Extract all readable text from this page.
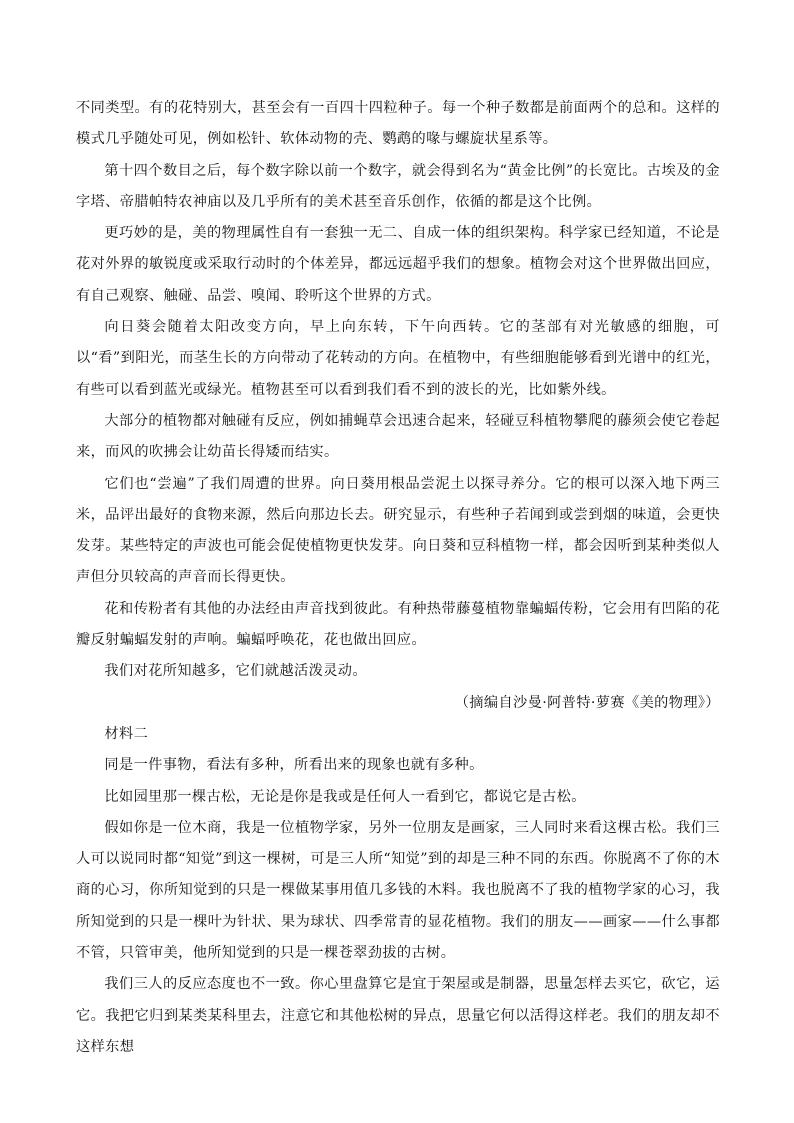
不同类型。有的花特别大，甚至会有一百四十四粒种子。每一个种子数都是前面两个的总和。这样的模式几乎随处可见，例如松针、软体动物的壳、鹦鹉的喙与螺旋状星系等。

第十四个数目之后，每个数字除以前一个数字，就会得到名为“黄金比例”的长宽比。古埃及的金字塔、帝腊帕特农神庙以及几乎所有的美术甚至音乐创作，依循的都是这个比例。

更巧妙的是，美的物理属性自有一套独一无二、自成一体的组织架构。科学家已经知道，不论是花对外界的敏锐度或采取行动时的个体差异，都远远超乎我们的想象。植物会对这个世界做出回应，有自己观察、触碰、品尝、嗅闻、聆听这个世界的方式。

向日葵会随着太阳改变方向，早上向东转，下午向西转。它的茎部有对光敏感的细胞，可以“看”到阳光，而茎生长的方向带动了花转动的方向。在植物中，有些细胞能够看到光谱中的红光，有些可以看到蓝光或绿光。植物甚至可以看到我们看不到的波长的光，比如紫外线。

大部分的植物都对触碰有反应，例如捕蝇草会迅速合起来，轻碰豆科植物攀爬的藤须会使它卷起来，而风的吹拂会让幼苗长得矮而结实。

它们也“尝遍”了我们周遭的世界。向日葵用根品尝泥土以探寻养分。它的根可以深入地下两三米，品评出最好的食物来源，然后向那边长去。研究显示，有些种子若闻到或尝到烟的味道，会更快发芽。某些特定的声波也可能会促使植物更快发芽。向日葵和豆科植物一样，都会因听到某种类似人声但分贝较高的声音而长得更快。

花和传粉者有其他的办法经由声音找到彼此。有种热带藤蔓植物靠蝙蝠传粉，它会用有凹陷的花瓣反射蝙蝠发射的声响。蝙蝠呼唤花，花也做出回应。

我们对花所知越多，它们就越活泼灵动。

（摘编自沙曼·阿普特·萝赛《美的物理》）

材料二

同是一件事物，看法有多种，所看出来的现象也就有多种。

比如园里那一棵古松，无论是你是我或是任何人一看到它，都说它是古松。

假如你是一位木商，我是一位植物学家，另外一位朋友是画家，三人同时来看这棵古松。我们三人可以说同时都“知觉”到这一棵树，可是三人所“知觉”到的却是三种不同的东西。你脱离不了你的木商的心习，你所知觉到的只是一棵做某事用值几多钱的木料。我也脱离不了我的植物学家的心习，我所知觉到的只是一棵叶为针状、果为球状、四季常青的显花植物。我们的朋友——画家——什么事都不管，只管审美，他所知觉到的只是一棵苍翠劲拔的古树。

我们三人的反应态度也不一致。你心里盘算它是宜于架屋或是制器，思量怎样去买它，砍它，运它。我把它归到某类某科里去，注意它和其他松树的异点，思量它何以活得这样老。我们的朋友却不这样东想
